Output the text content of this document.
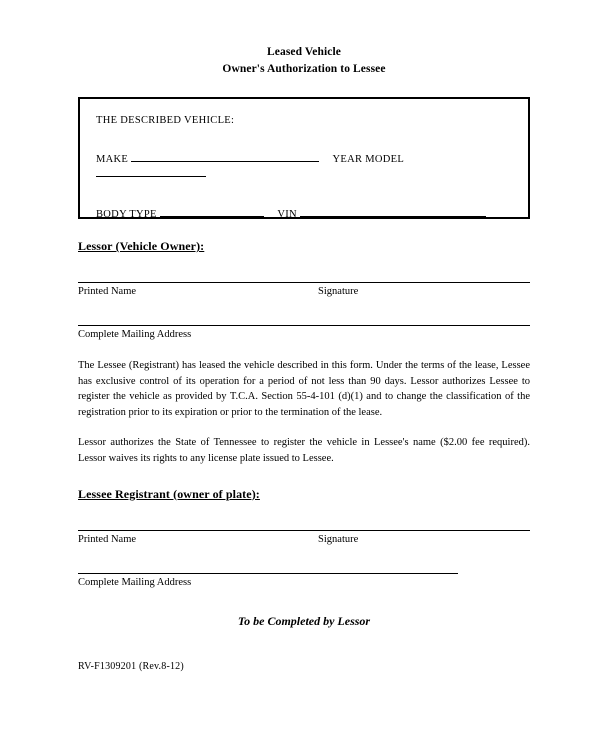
Leased Vehicle
Owner's Authorization to Lessee
THE DESCRIBED VEHICLE:
MAKE	YEAR MODEL
BODY TYPE	VIN
Lessor (Vehicle Owner):
Printed Name	Signature
Complete Mailing Address
The Lessee (Registrant) has leased the vehicle described in this form. Under the terms of the lease, Lessee has exclusive control of its operation for a period of not less than 90 days. Lessor authorizes Lessee to register the vehicle as provided by T.C.A. Section 55-4-101 (d)(1) and to change the classification of the registration prior to its expiration or prior to the termination of the lease.
Lessor authorizes the State of Tennessee to register the vehicle in Lessee's name ($2.00 fee required). Lessor waives its rights to any license plate issued to Lessee.
Lessee Registrant (owner of plate):
Printed Name	Signature
Complete Mailing Address
To be Completed by Lessor
RV-F1309201 (Rev.8-12)
